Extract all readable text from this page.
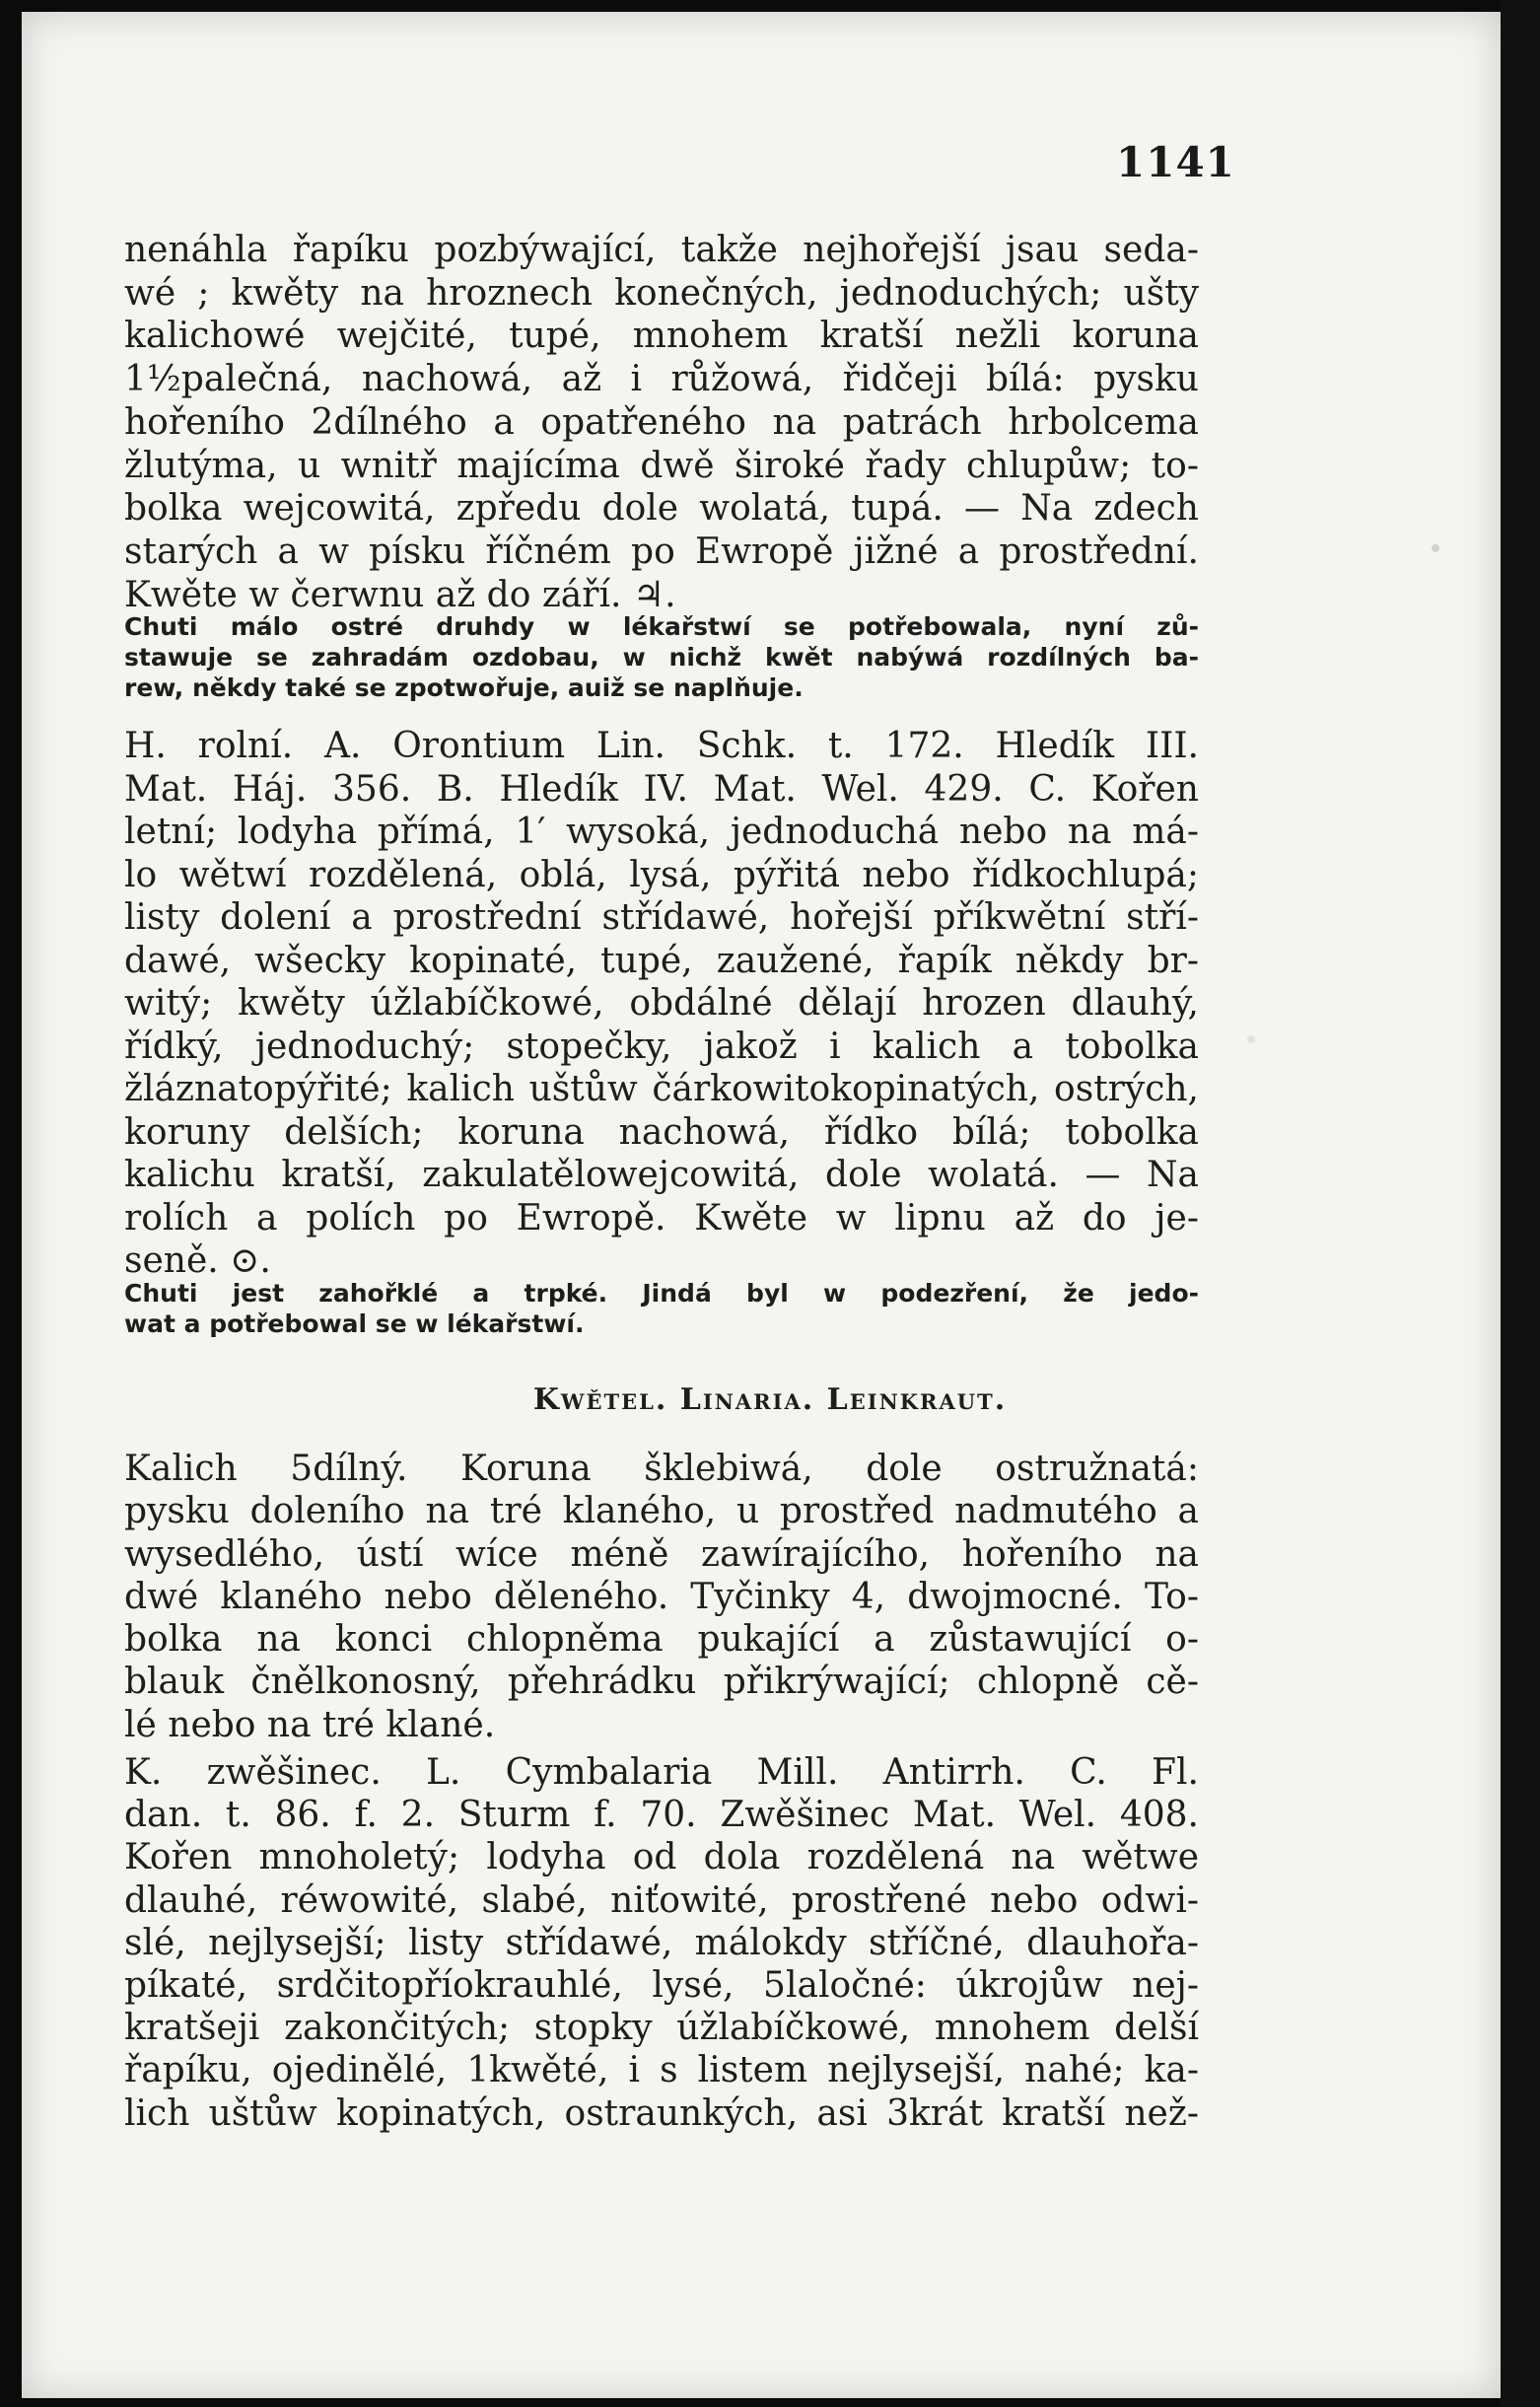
1141
nenáhla řapíku pozbýwající, takže nejhořejší jsau seda-
wé ; kwěty na hroznech konečných, jednoduchých; ušty
kalichowé wejčité, tupé, mnohem kratší nežli koruna
1½palečná, nachowá, až i růžowá, řidčeji bílá: pysku
hořeního 2dílného a opatřeného na patrách hrbolcema
žlutýma, u wnitř majícíma dwě široké řady chlupůw; to-
bolka wejcowitá, zpředu dole wolatá, tupá. — Na zdech
starých a w písku říčném po Ewropě jižné a prostřední.
Kwěte w čerwnu až do září. ♃.
Chuti málo ostré druhdy w lékařstwí se potřebowala, nyní zů-
stawuje se zahradám ozdobau, w nichž kwět nabýwá rozdílných ba-
rew, někdy také se zpotwořuje, auiž se naplňuje.
H. rolní. A. Orontium Lin. Schk. t. 172. Hledík III.
Mat. Háj. 356. B. Hledík IV. Mat. Wel. 429. C. Kořen
letní; lodyha přímá, 1′ wysoká, jednoduchá nebo na má-
lo wětwí rozdělená, oblá, lysá, pýřitá nebo řídkochlupá;
listy dolení a prostřední střídawé, hořejší příkwětní stří-
dawé, wšecky kopinaté, tupé, zaužené, řapík někdy br-
witý; kwěty úžlabíčkowé, obdálné dělají hrozen dlauhý,
řídký, jednoduchý; stopečky, jakož i kalich a tobolka
žláznatopýřité; kalich uštůw čárkowitokopinatých, ostrých,
koruny delších; koruna nachowá, řídko bílá; tobolka
kalichu kratší, zakulatělowejcowitá, dole wolatá. — Na
rolích a polích po Ewropě. Kwěte w lipnu až do je-
seně. ⊙.
Chuti jest zahořklé a trpké. Jindá byl w podezření, že jedo-
wat a potřebowal se w lékařstwí.
Kwětel. Linaria. Leinkraut.
Kalich 5dílný. Koruna šklebiwá, dole ostružnatá:
pysku doleního na tré klaného, u prostřed nadmutého a
wysedlého, ústí wíce méně zawírajícího, hořeního na
dwé klaného nebo děleného. Tyčinky 4, dwojmocné. To-
bolka na konci chlopněma pukající a zůstawující o-
blauk čnělkonosný, přehrádku přikrýwající; chlopně cě-
lé nebo na tré klané.
K. zwěšinec. L. Cymbalaria Mill. Antirrh. C. Fl.
dan. t. 86. f. 2. Sturm f. 70. Zwěšinec Mat. Wel. 408.
Kořen mnoholetý; lodyha od dola rozdělená na wětwe
dlauhé, réwowité, slabé, niťowité, prostřené nebo odwi-
slé, nejlysejší; listy střídawé, málokdy stříčné, dlauhořa-
píkaté, srdčitopříokrauhlé, lysé, 5laločné: úkrojůw nej-
kratšeji zakončitých; stopky úžlabíčkowé, mnohem delší
řapíku, ojedinělé, 1kwěté, i s listem nejlysejší, nahé; ka-
lich uštůw kopinatých, ostraunkých, asi 3krát kratší než-
